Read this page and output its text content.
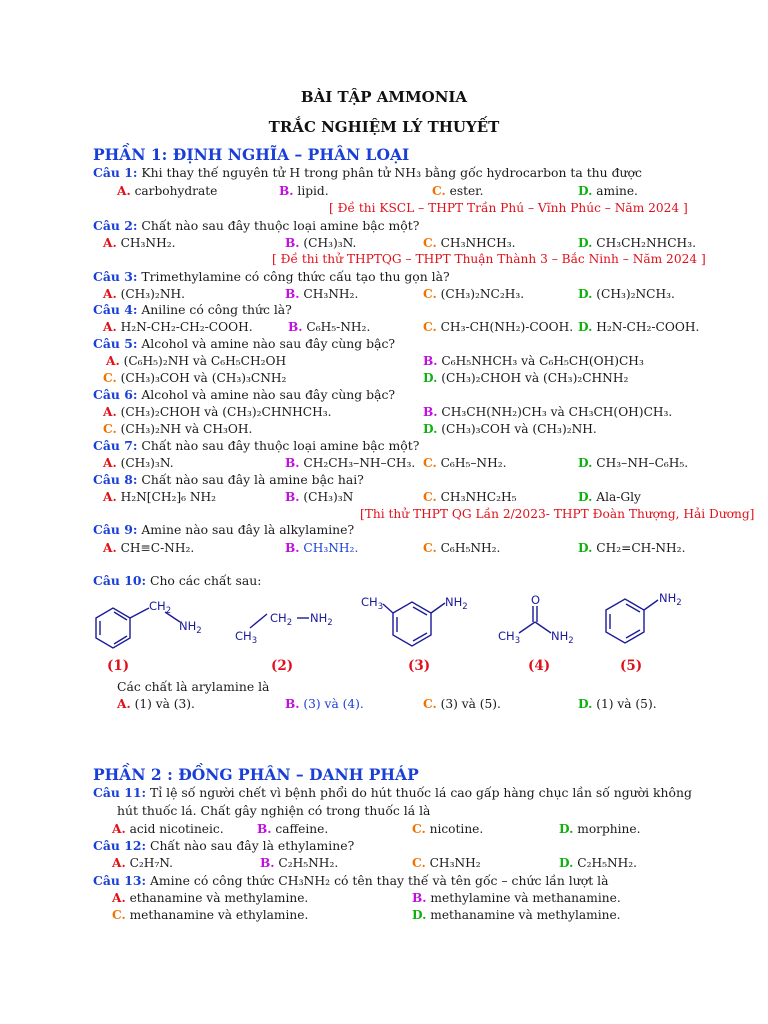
BÀI TẬP AMMONIA
TRẮC NGHIỆM LÝ THUYẾT
PHẦN 1: ĐỊNH NGHĨA – PHÂN LOẠI
Câu 1: Khi thay thế nguyên tử H trong phân tử NH₃ bằng gốc hydrocarbon ta thu được
A. carbohydrate	B. lipid.	C. ester.	D. amine.
[ Đề thi KSCL – THPT Trần Phú – Vĩnh Phúc – Năm 2024 ]
Câu 2: Chất nào sau đây thuộc loại amine bậc một?
A. CH₃NH₂.	B. (CH₃)₃N.	C. CH₃NHCH₃.	D. CH₃CH₂NHCH₃.
[ Đề thi thử THPTQG – THPT Thuận Thành 3 – Bắc Ninh – Năm 2024 ]
Câu 3: Trimethylamine có công thức cấu tạo thu gọn là?
A. (CH₃)₂NH.	B. CH₃NH₂.	C. (CH₃)₂NC₂H₃.	D. (CH₃)₂NCH₃.
Câu 4: Aniline có công thức là?
A. H₂N-CH₂-CH₂-COOH.	B. C₆H₅-NH₂.	C. CH₃-CH(NH₂)-COOH. D. H₂N-CH₂-COOH.
Câu 5: Alcohol và amine nào sau đây cùng bậc?
A. (C₆H₅)₂NH và C₆H₅CH₂OH	B. C₆H₅NHCH₃ và C₆H₅CH(OH)CH₃
C. (CH₃)₃COH và (CH₃)₃CNH₂	D. (CH₃)₂CHOH và (CH₃)₂CHNH₂
Câu 6: Alcohol và amine nào sau đây cùng bậc?
A. (CH₃)₂CHOH và (CH₃)₂CHNHCH₃.	B. CH₃CH(NH₂)CH₃ và CH₃CH(OH)CH₃.
C. (CH₃)₂NH và CH₃OH.	D. (CH₃)₃COH và (CH₃)₂NH.
Câu 7: Chất nào sau đây thuộc loại amine bậc một?
A. (CH₃)₃N.	B. CH₂CH₃–NH–CH₃. C. C₆H₅–NH₂.	D. CH₃–NH–C₆H₅.
Câu 8: Chất nào sau đây là amine bậc hai?
A. H₂N[CH₂]₆ NH₂	B. (CH₃)₃N	C. CH₃NHC₂H₅	D. Ala-Gly
[Thi thử THPT QG Lần 2/2023- THPT Đoàn Thượng, Hải Dương]
Câu 9: Amine nào sau đây là alkylamine?
A. CH≡C-NH₂.	B. CH₃NH₂.	C. C₆H₅NH₂.	D. CH₂=CH-NH₂.
Câu 10: Cho các chất sau:
$CH_2$
$NH_2$	$CH_3$
$CH_2$ $NH_2$
$CH_3$	$NH_2$	O
$CH_3$	$NH_2$
$NH_2$
(1)	(2)	(3)	(4)	(5)
Các chất là arylamine là
A. (1) và (3).	B. (3) và (4).	C. (3) và (5).	D. (1) và (5).
PHẦN 2 : ĐỒNG PHÂN – DANH PHÁP
Câu 11: Tỉ lệ số người chết vì bệnh phổi do hút thuốc lá cao gấp hàng chục lần số người không
hút thuốc lá. Chất gây nghiện có trong thuốc lá là
A. acid nicotineic.	B. caffeine.	C. nicotine.	D. morphine.
Câu 12: Chất nào sau đây là ethylamine?
A. C₂H₇N.	B. C₂H₅NH₂.	C. CH₃NH₂	D. C₂H₅NH₂.
Câu 13: Amine có công thức CH₃NH₂ có tên thay thế và tên gốc – chức lần lượt là
A. ethanamine và methylamine.	B. methylamine và methanamine.
C. methanamine và ethylamine.	D. methanamine và methylamine.
